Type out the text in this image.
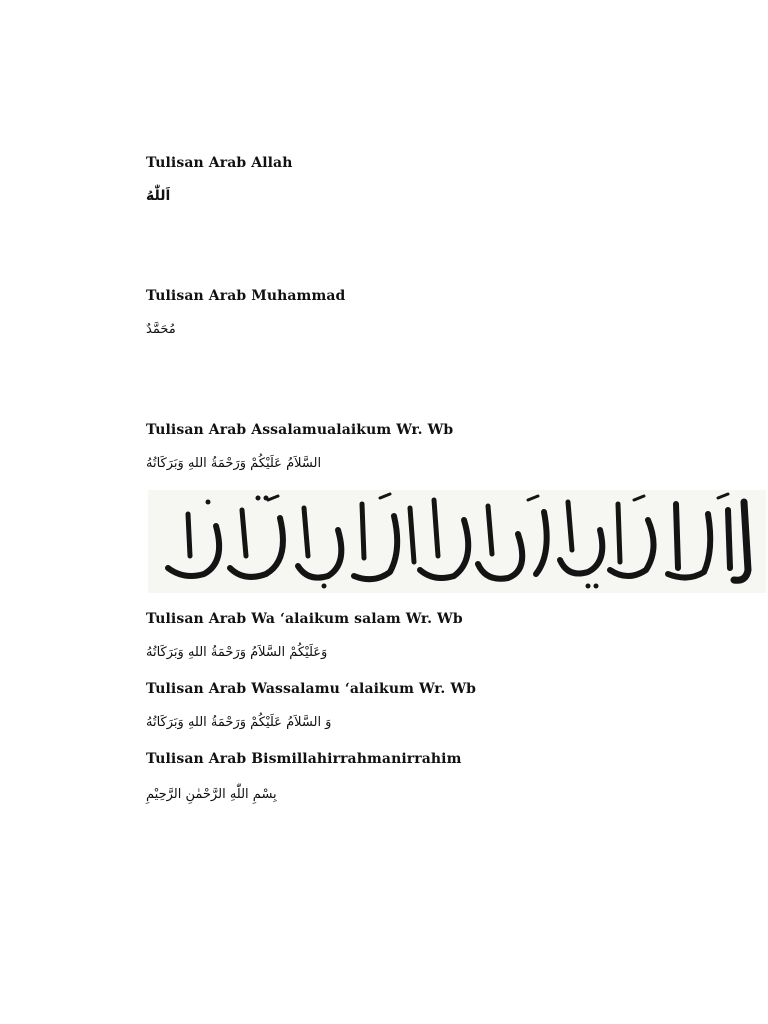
Tulisan Arab Allah
اَللّٰهُ
Tulisan Arab Muhammad
مُحَمَّدٌ
Tulisan Arab Assalamualaikum Wr. Wb
السَّلاَمُ عَلَيْكُمْ وَرَحْمَةُ اللهِ وَبَرَكَاتُهُ
Tulisan Arab Wa ‘alaikum salam Wr. Wb
وَعَلَيْكُمْ السَّلاَمُ وَرَحْمَةُ اللهِ وَبَرَكَاتُهُ
Tulisan Arab Wassalamu ‘alaikum Wr. Wb
وَ السَّلاَمُ عَلَيْكُمْ وَرَحْمَةُ اللهِ وَبَرَكَاتُهُ
Tulisan Arab Bismillahirrahmanirrahim
بِسْمِ اللّٰهِ الرَّحْمٰنِ الرَّحِيْمِ
